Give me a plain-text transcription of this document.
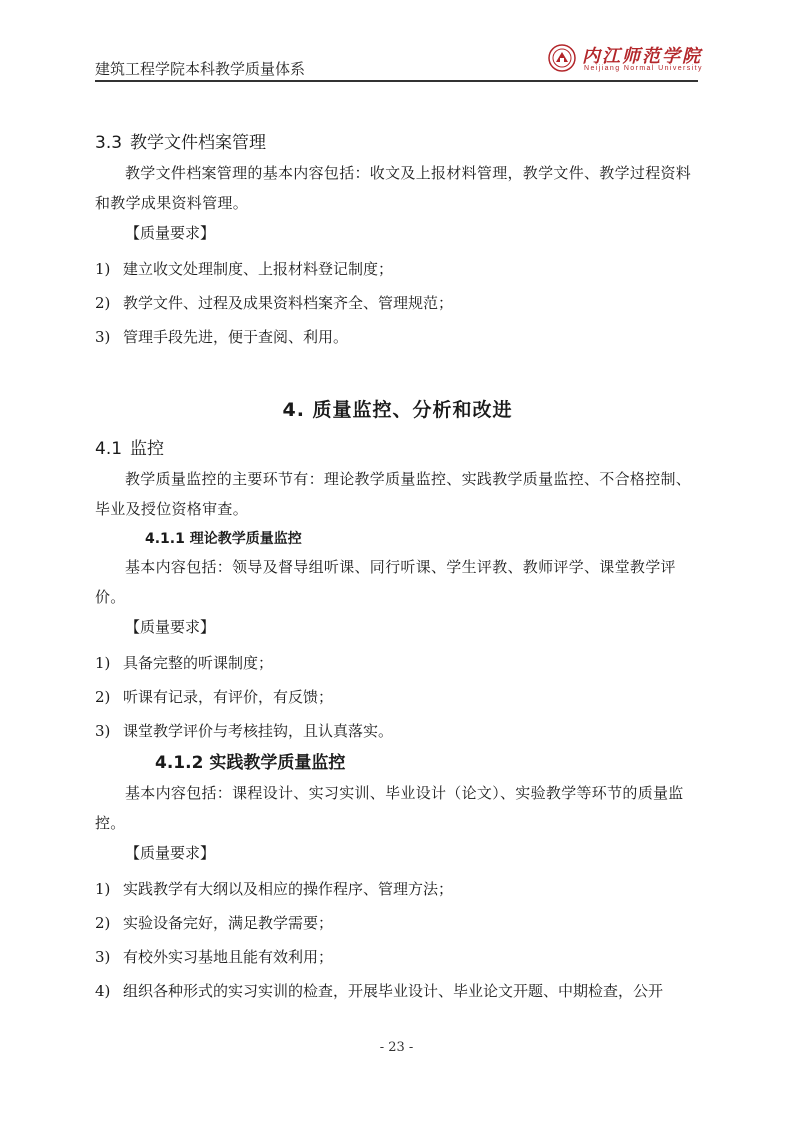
建筑工程学院本科教学质量体系
内江师范学院
Neijiang Normal University
3.3 教学文件档案管理

教学文件档案管理的基本内容包括：收文及上报材料管理，教学文件、教学过程资料和教学成果资料管理。

【质量要求】

1) 建立收文处理制度、上报材料登记制度；

2) 教学文件、过程及成果资料档案齐全、管理规范；

3) 管理手段先进，便于查阅、利用。

4. 质量监控、分析和改进
4.1 监控

教学质量监控的主要环节有：理论教学质量监控、实践教学质量监控、不合格控制、毕业及授位资格审查。

4.1.1 理论教学质量监控

基本内容包括：领导及督导组听课、同行听课、学生评教、教师评学、课堂教学评价。

【质量要求】

1) 具备完整的听课制度；

2) 听课有记录，有评价，有反馈；

3) 课堂教学评价与考核挂钩，且认真落实。

4.1.2 实践教学质量监控

基本内容包括：课程设计、实习实训、毕业设计（论文）、实验教学等环节的质量监控。

【质量要求】

1) 实践教学有大纲以及相应的操作程序、管理方法；

2) 实验设备完好，满足教学需要；

3) 有校外实习基地且能有效利用；

4) 组织各种形式的实习实训的检查，开展毕业设计、毕业论文开题、中期检查，公开

- 23 -
